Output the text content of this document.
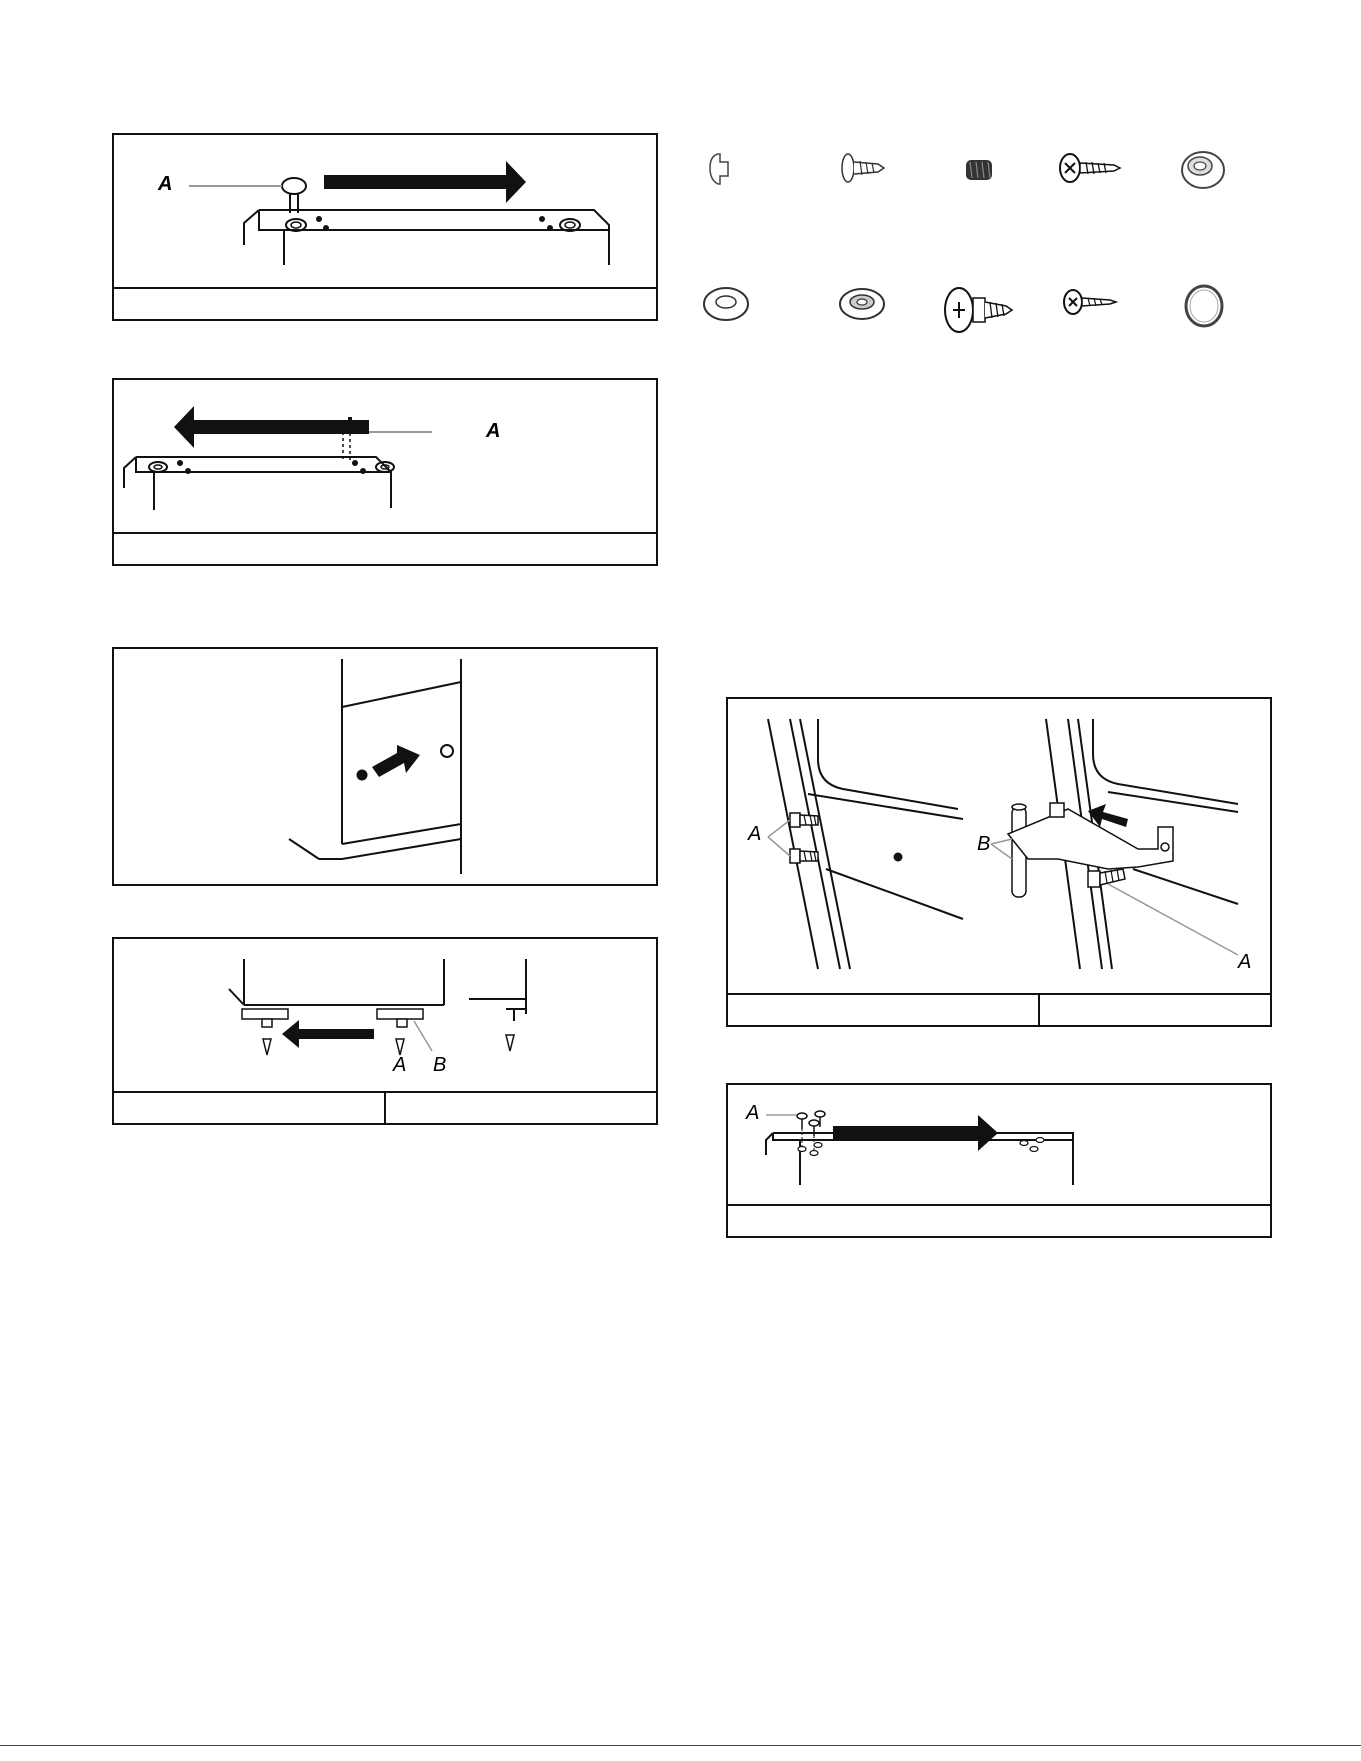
A
A
A B
A	B
A
A
